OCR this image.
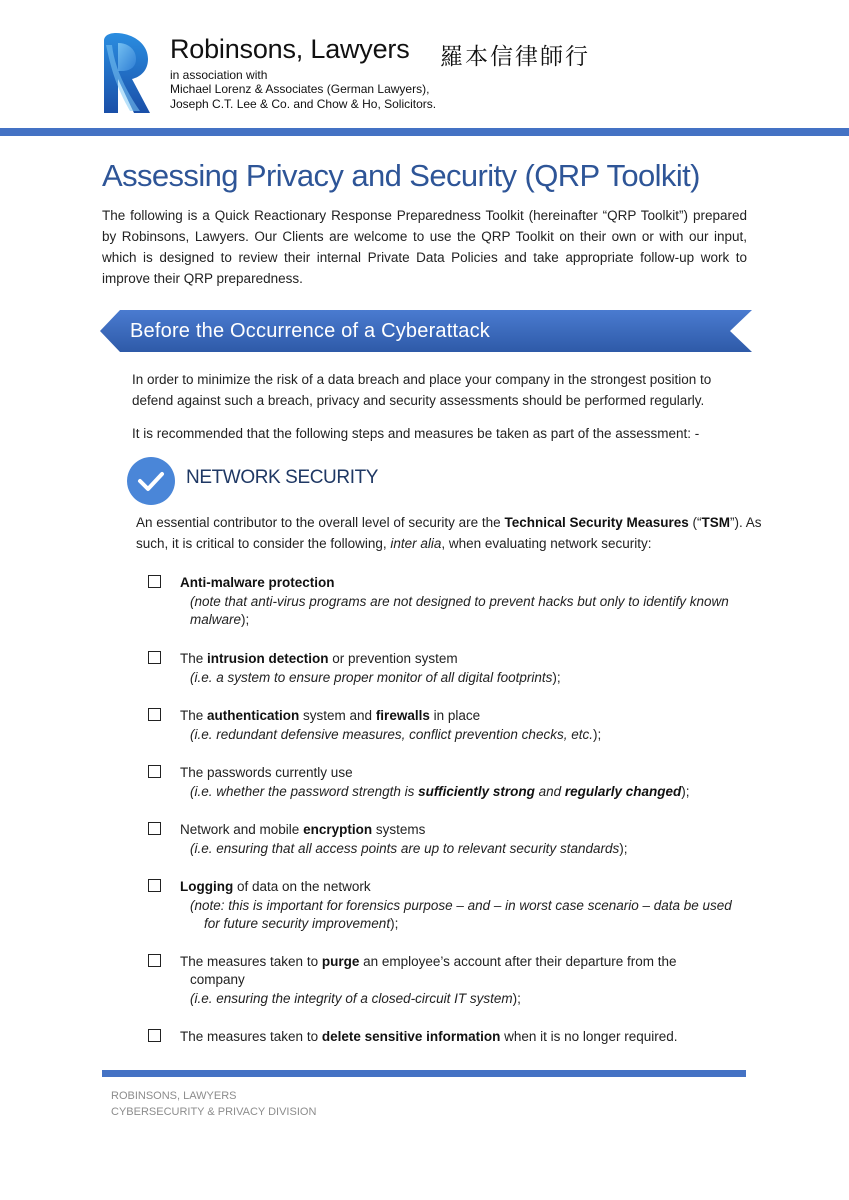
Robinsons, Lawyers 羅本信律師行
in association with
Michael Lorenz & Associates (German Lawyers),
Joseph C.T. Lee & Co. and Chow & Ho, Solicitors.
Assessing Privacy and Security (QRP Toolkit)
The following is a Quick Reactionary Response Preparedness Toolkit (hereinafter “QRP Toolkit”) prepared by Robinsons, Lawyers. Our Clients are welcome to use the QRP Toolkit on their own or with our input, which is designed to review their internal Private Data Policies and take appropriate follow-up work to improve their QRP preparedness.
Before the Occurrence of a Cyberattack
In order to minimize the risk of a data breach and place your company in the strongest position to defend against such a breach, privacy and security assessments should be performed regularly.
It is recommended that the following steps and measures be taken as part of the assessment: -
NETWORK SECURITY
An essential contributor to the overall level of security are the Technical Security Measures (“TSM”). As such, it is critical to consider the following, inter alia, when evaluating network security:
Anti-malware protection
(note that anti-virus programs are not designed to prevent hacks but only to identify known malware);
The intrusion detection or prevention system
(i.e. a system to ensure proper monitor of all digital footprints);
The authentication system and firewalls in place
(i.e. redundant defensive measures, conflict prevention checks, etc.);
The passwords currently use
(i.e. whether the password strength is sufficiently strong and regularly changed);
Network and mobile encryption systems
(i.e. ensuring that all access points are up to relevant security standards);
Logging of data on the network
(note: this is important for forensics purpose – and – in worst case scenario – data be used
for future security improvement);
The measures taken to purge an employee’s account after their departure from the
company
(i.e. ensuring the integrity of a closed-circuit IT system);
The measures taken to delete sensitive information when it is no longer required.
ROBINSONS, LAWYERS
CYBERSECURITY & PRIVACY DIVISION
